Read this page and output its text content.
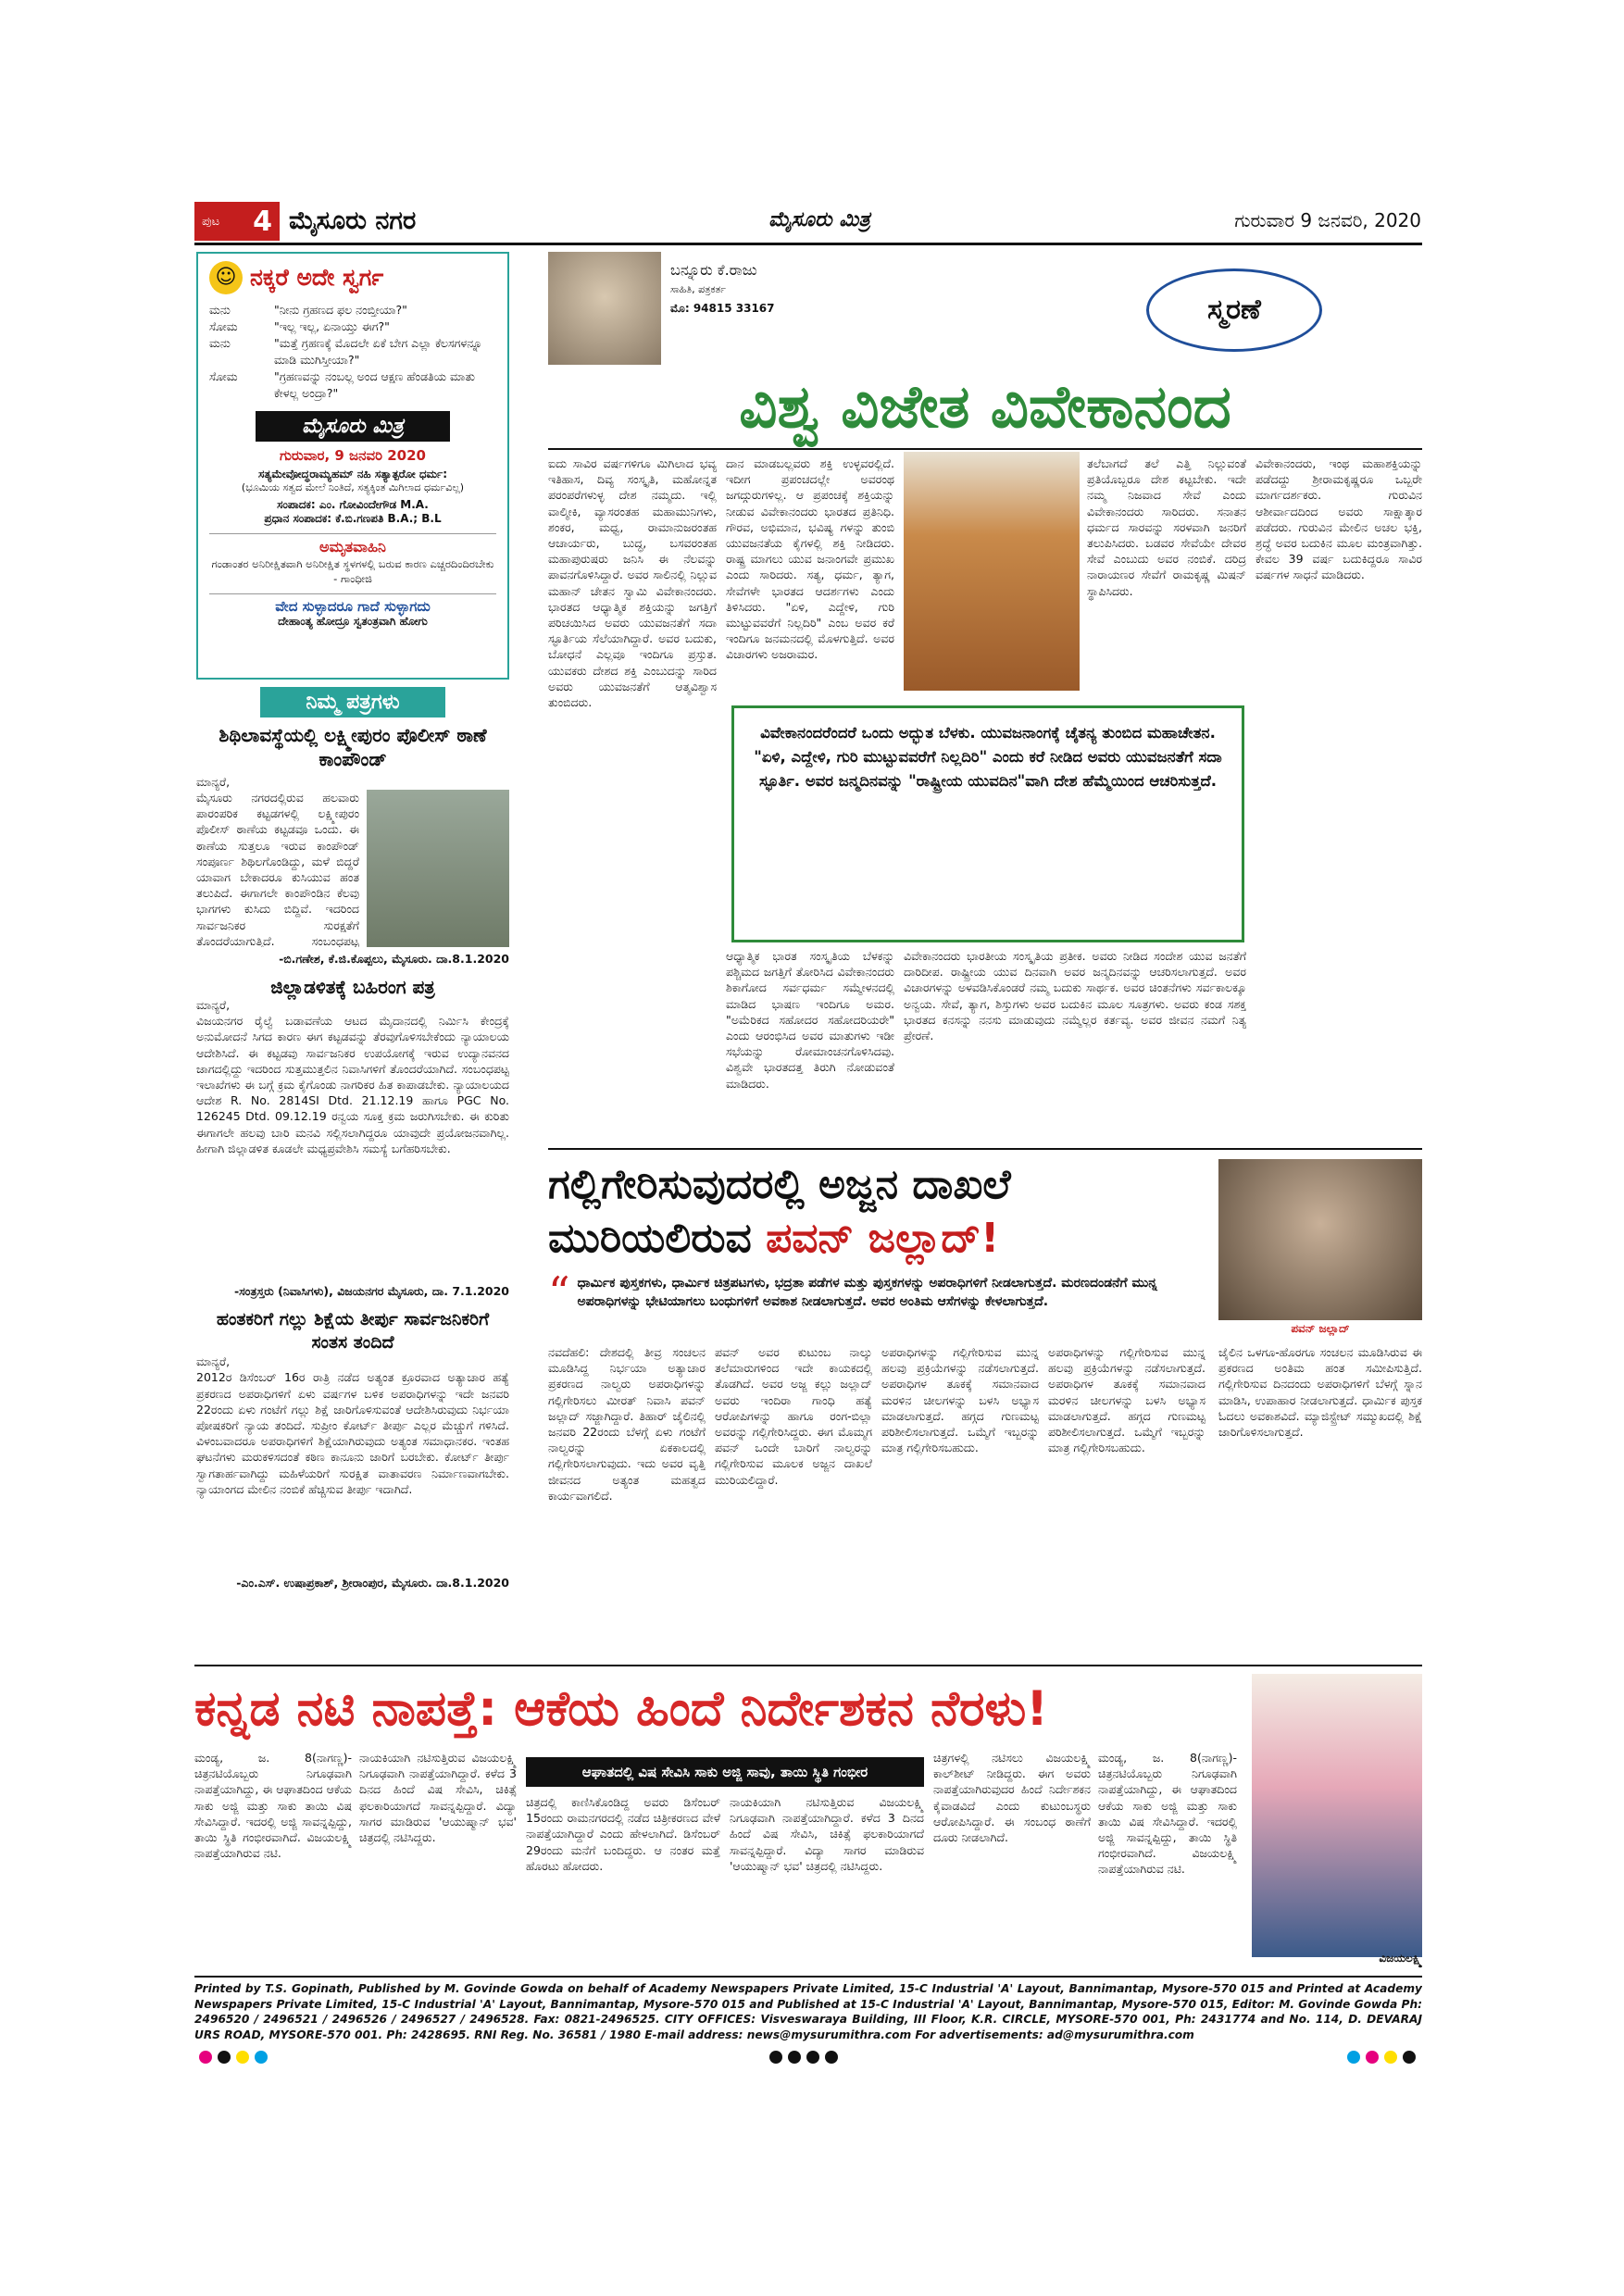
ಪುಟ 4 ಮೈಸೂರು ನಗರ	ಮೈಸೂರು ಮಿತ್ರ	ಗುರುವಾರ 9 ಜನವರಿ, 2020
☺ ನಕ್ಕರೆ ಅದೇ ಸ್ವರ್ಗ
ಮನು	"ನೀನು ಗ್ರಹಣದ ಫಲ ನಂಬ್ತೀಯಾ?"
ಸೋಮ	"ಇಲ್ಲ ಇಲ್ಲ, ಏನಾಯ್ತು ಈಗ?"
ಮನು	"ಮತ್ತೆ ಗ್ರಹಣಕ್ಕೆ ಮೊದಲೇ ಏಕೆ ಬೇಗ ಎಲ್ಲಾ ಕೆಲಸಗಳನ್ನೂ ಮಾಡಿ ಮುಗಿಸ್ತೀಯಾ?"
ಸೋಮ	"ಗ್ರಹಣವನ್ನು ನಂಬಲ್ಲ ಅಂದ ಆಕ್ಷಣ ಹೆಂಡತಿಯ ಮಾತು ಕೇಳಲ್ಲ ಅಂದ್ರಾ?"
ಮೈಸೂರು ಮಿತ್ರ
ಗುರುವಾರ, 9 ಜನವರಿ 2020
ಸತ್ಯಮೇವೋದ್ಧರಾಮ್ಯಹಮ್ ನಹಿ ಸತ್ಯಾತ್ಪರೋ ಧರ್ಮ:
(ಭೂಮಿಯ ಸತ್ವದ ಮೇಲೆ ನಿಂತಿದೆ, ಸತ್ಯಕ್ಕಿಂತ ಮಿಗಿಲಾದ ಧರ್ಮವಿಲ್ಲ)
ಸಂಪಾದಕ: ಎಂ. ಗೋವಿಂದೇಗೌಡ M.A.
ಪ್ರಧಾನ ಸಂಪಾದಕ: ಕೆ.ಬಿ.ಗಣಪತಿ B.A.; B.L
ಅಮೃತವಾಹಿನಿ
ಗಂಡಾಂತರ ಅನಿರೀಕ್ಷಿತವಾಗಿ ಅನಿರೀಕ್ಷಿತ ಸ್ಥಳಗಳಲ್ಲಿ ಬರುವ ಕಾರಣ ಎಚ್ಚರದಿಂದಿರಬೇಕು - ಗಾಂಧೀಜಿ
ವೇದ ಸುಳ್ಳಾದರೂ ಗಾದೆ ಸುಳ್ಳಾಗದು
ದೇಹಾಂತ್ಯ ಹೋದ್ರೂ ಸ್ವತಂತ್ರವಾಗಿ ಹೋಗು
ನಿಮ್ಮ ಪತ್ರಗಳು
ಶಿಥಿಲಾವಸ್ಥೆಯಲ್ಲಿ ಲಕ್ಷ್ಮೀಪುರಂ ಪೊಲೀಸ್ ಠಾಣೆ ಕಾಂಪೌಂಡ್
ಮಾನ್ಯರೆ,
ಮೈಸೂರು ನಗರದಲ್ಲಿರುವ ಹಲವಾರು ಪಾರಂಪರಿಕ ಕಟ್ಟಡಗಳಲ್ಲಿ ಲಕ್ಷ್ಮೀಪುರಂ ಪೊಲೀಸ್ ಠಾಣೆಯ ಕಟ್ಟಡವೂ ಒಂದು. ಈ ಠಾಣೆಯ ಸುತ್ತಲೂ ಇರುವ ಕಾಂಪೌಂಡ್ ಸಂಪೂರ್ಣ ಶಿಥಿಲಗೊಂಡಿದ್ದು, ಮಳೆ ಬಿದ್ದರೆ ಯಾವಾಗ ಬೇಕಾದರೂ ಕುಸಿಯುವ ಹಂತ ತಲುಪಿದೆ. ಈಗಾಗಲೇ ಕಾಂಪೌಂಡಿನ ಕೆಲವು ಭಾಗಗಳು ಕುಸಿದು ಬಿದ್ದಿವೆ. ಇದರಿಂದ ಸಾರ್ವಜನಿಕರ ಸುರಕ್ಷತೆಗೆ ತೊಂದರೆಯಾಗುತ್ತಿದೆ. ಸಂಬಂಧಪಟ್ಟ
-ಬಿ.ಗಣೇಶ, ಕೆ.ಜಿ.ಕೊಪ್ಪಲು, ಮೈಸೂರು. ದಾ.8.1.2020
ಜಿಲ್ಲಾಡಳಿತಕ್ಕೆ ಬಹಿರಂಗ ಪತ್ರ
ಮಾನ್ಯರೆ,
ವಿಜಯನಗರ ರೈಲ್ವೆ ಬಡಾವಣೆಯ ಆಟದ ಮೈದಾನದಲ್ಲಿ ನಿರ್ಮಿಸಿ ಕೇಂದ್ರಕ್ಕೆ ಅನುಮೋದನೆ ಸಿಗದ ಕಾರಣ ಈಗ ಕಟ್ಟಡವನ್ನು ತೆರವುಗೊಳಿಸಬೇಕೆಂದು ನ್ಯಾಯಾಲಯ ಆದೇಶಿಸಿದೆ. ಈ ಕಟ್ಟಡವು ಸಾರ್ವಜನಿಕರ ಉಪಯೋಗಕ್ಕೆ ಇರುವ ಉದ್ಯಾನವನದ ಜಾಗದಲ್ಲಿದ್ದು ಇದರಿಂದ ಸುತ್ತಮುತ್ತಲಿನ ನಿವಾಸಿಗಳಿಗೆ ತೊಂದರೆಯಾಗಿದೆ. ಸಂಬಂಧಪಟ್ಟ ಇಲಾಖೆಗಳು ಈ ಬಗ್ಗೆ ಕ್ರಮ ಕೈಗೊಂಡು ನಾಗರಿಕರ ಹಿತ ಕಾಪಾಡಬೇಕು. ನ್ಯಾಯಾಲಯದ ಆದೇಶ R. No. 2814SI Dtd. 21.12.19 ಹಾಗೂ PGC No. 126245 Dtd. 09.12.19 ರನ್ವಯ ಸೂಕ್ತ ಕ್ರಮ ಜರುಗಿಸಬೇಕು. ಈ ಕುರಿತು ಈಗಾಗಲೇ ಹಲವು ಬಾರಿ ಮನವಿ ಸಲ್ಲಿಸಲಾಗಿದ್ದರೂ ಯಾವುದೇ ಪ್ರಯೋಜನವಾಗಿಲ್ಲ. ಹೀಗಾಗಿ ಜಿಲ್ಲಾಡಳಿತ ಕೂಡಲೇ ಮಧ್ಯಪ್ರವೇಶಿಸಿ ಸಮಸ್ಯೆ ಬಗೆಹರಿಸಬೇಕು.
-ಸಂತ್ರಸ್ತರು (ನಿವಾಸಿಗಳು), ವಿಜಯನಗರ ಮೈಸೂರು, ದಾ. 7.1.2020
ಹಂತಕರಿಗೆ ಗಲ್ಲು ಶಿಕ್ಷೆಯ ತೀರ್ಪು ಸಾರ್ವಜನಿಕರಿಗೆ ಸಂತಸ ತಂದಿದೆ
ಮಾನ್ಯರೆ,
2012ರ ಡಿಸೆಂಬರ್ 16ರ ರಾತ್ರಿ ನಡೆದ ಅತ್ಯಂತ ಕ್ರೂರವಾದ ಅತ್ಯಾಚಾರ ಹತ್ಯೆ ಪ್ರಕರಣದ ಅಪರಾಧಿಗಳಿಗೆ ಏಳು ವರ್ಷಗಳ ಬಳಿಕ ಅಪರಾಧಿಗಳನ್ನು ಇದೇ ಜನವರಿ 22ರಂದು ಏಳು ಗಂಟೆಗೆ ಗಲ್ಲು ಶಿಕ್ಷೆ ಜಾರಿಗೊಳಿಸುವಂತೆ ಆದೇಶಿಸಿರುವುದು ನಿರ್ಭಯಾ ಪೋಷಕರಿಗೆ ನ್ಯಾಯ ತಂದಿದೆ. ಸುಪ್ರೀಂ ಕೋರ್ಟ್ ತೀರ್ಪು ಎಲ್ಲರ ಮೆಚ್ಚುಗೆ ಗಳಿಸಿದೆ. ವಿಳಂಬವಾದರೂ ಅಪರಾಧಿಗಳಿಗೆ ಶಿಕ್ಷೆಯಾಗಿರುವುದು ಅತ್ಯಂತ ಸಮಾಧಾನಕರ. ಇಂತಹ ಘಟನೆಗಳು ಮರುಕಳಿಸದಂತೆ ಕಠಿಣ ಕಾನೂನು ಜಾರಿಗೆ ಬರಬೇಕು. ಕೋರ್ಟ್ ತೀರ್ಪು ಸ್ವಾಗತಾರ್ಹವಾಗಿದ್ದು ಮಹಿಳೆಯರಿಗೆ ಸುರಕ್ಷಿತ ವಾತಾವರಣ ನಿರ್ಮಾಣವಾಗಬೇಕು. ನ್ಯಾಯಾಂಗದ ಮೇಲಿನ ನಂಬಿಕೆ ಹೆಚ್ಚಿಸುವ ತೀರ್ಪು ಇದಾಗಿದೆ.
-ಎಂ.ಎಸ್. ಉಷಾಪ್ರಕಾಶ್, ಶ್ರೀರಾಂಪುರ, ಮೈಸೂರು. ದಾ.8.1.2020
ಬನ್ನೂರು ಕೆ.ರಾಜು
ಸಾಹಿತಿ, ಪತ್ರಕರ್ತ
ಮೊ: 94815 33167	ಸ್ಮರಣೆ
ವಿಶ್ವ ವಿಜೇತ ವಿವೇಕಾನಂದ
ಐದು ಸಾವಿರ ವರ್ಷಗಳಿಗೂ ಮಿಗಿಲಾದ ಭವ್ಯ ಇತಿಹಾಸ, ದಿವ್ಯ ಸಂಸ್ಕೃತಿ, ಮಹೋನ್ನತ ಪರಂಪರೆಗಳುಳ್ಳ ದೇಶ ನಮ್ಮದು. ಇಲ್ಲಿ ವಾಲ್ಮೀಕಿ, ವ್ಯಾಸರಂತಹ ಮಹಾಮುನಿಗಳು, ಶಂಕರ, ಮಧ್ವ, ರಾಮಾನುಜರಂತಹ ಆಚಾರ್ಯರು, ಬುದ್ಧ, ಬಸವರಂತಹ ಮಹಾಪುರುಷರು ಜನಿಸಿ ಈ ನೆಲವನ್ನು ಪಾವನಗೊಳಿಸಿದ್ದಾರೆ. ಅವರ ಸಾಲಿನಲ್ಲಿ ನಿಲ್ಲುವ ಮಹಾನ್ ಚೇತನ ಸ್ವಾಮಿ ವಿವೇಕಾನಂದರು. ಭಾರತದ ಆಧ್ಯಾತ್ಮಿಕ ಶಕ್ತಿಯನ್ನು ಜಗತ್ತಿಗೆ ಪರಿಚಯಿಸಿದ ಅವರು ಯುವಜನತೆಗೆ ಸದಾ ಸ್ಫೂರ್ತಿಯ ಸೆಲೆಯಾಗಿದ್ದಾರೆ. ಅವರ ಬದುಕು, ಬೋಧನೆ ಎಲ್ಲವೂ ಇಂದಿಗೂ ಪ್ರಸ್ತುತ. ಯುವಕರು ದೇಶದ ಶಕ್ತಿ ಎಂಬುದನ್ನು ಸಾರಿದ ಅವರು ಯುವಜನತೆಗೆ ಆತ್ಮವಿಶ್ವಾಸ ತುಂಬಿದರು.
ದಾನ ಮಾಡಬಲ್ಲವರು ಶಕ್ತಿ ಉಳ್ಳವರಲ್ಲಿದೆ. ಇದೀಗ ಪ್ರಪಂಚದಲ್ಲೇ ಅವರಂಥ ಜಗದ್ಗುರುಗಳಿಲ್ಲ. ಆ ಪ್ರಪಂಚಕ್ಕೆ ಶಕ್ತಿಯನ್ನು ನೀಡುವ ವಿವೇಕಾನಂದರು ಭಾರತದ ಪ್ರತಿನಿಧಿ. ಗೌರವ, ಅಭಿಮಾನ, ಭವಿಷ್ಯ ಗಳನ್ನು ತುಂಬಿ ಯುವಜನತೆಯ ಕೈಗಳಲ್ಲಿ ಶಕ್ತಿ ನೀಡಿದರು. ರಾಷ್ಟ್ರ ಮಾಗಲು ಯುವ ಜನಾಂಗವೇ ಪ್ರಮುಖ ಎಂದು ಸಾರಿದರು. ಸತ್ಯ, ಧರ್ಮ, ತ್ಯಾಗ, ಸೇವೆಗಳೇ ಭಾರತದ ಆದರ್ಶಗಳು ಎಂದು ತಿಳಿಸಿದರು. "ಏಳಿ, ಎದ್ದೇಳಿ, ಗುರಿ ಮುಟ್ಟುವವರೆಗೆ ನಿಲ್ಲದಿರಿ" ಎಂಬ ಅವರ ಕರೆ ಇಂದಿಗೂ ಜನಮನದಲ್ಲಿ ಮೊಳಗುತ್ತಿದೆ. ಅವರ ವಿಚಾರಗಳು ಅಜರಾಮರ.
ತಲೆಬಾಗದೆ ತಲೆ ಎತ್ತಿ ನಿಲ್ಲುವಂತೆ ಪ್ರತಿಯೊಬ್ಬರೂ ದೇಶ ಕಟ್ಟಬೇಕು. ಇದೇ ನಮ್ಮ ನಿಜವಾದ ಸೇವೆ ಎಂದು ವಿವೇಕಾನಂದರು ಸಾರಿದರು. ಸನಾತನ ಧರ್ಮದ ಸಾರವನ್ನು ಸರಳವಾಗಿ ಜನರಿಗೆ ತಲುಪಿಸಿದರು. ಬಡವರ ಸೇವೆಯೇ ದೇವರ ಸೇವೆ ಎಂಬುದು ಅವರ ನಂಬಿಕೆ. ದರಿದ್ರ ನಾರಾಯಣರ ಸೇವೆಗೆ ರಾಮಕೃಷ್ಣ ಮಿಷನ್ ಸ್ಥಾಪಿಸಿದರು.
ವಿವೇಕಾನಂದರು, ಇಂಥ ಮಹಾಶಕ್ತಿಯನ್ನು ಪಡೆದದ್ದು ಶ್ರೀರಾಮಕೃಷ್ಣರೂ ಒಬ್ಬರೇ ಮಾರ್ಗದರ್ಶಕರು. ಗುರುವಿನ ಆಶೀರ್ವಾದದಿಂದ ಅವರು ಸಾಕ್ಷಾತ್ಕಾರ ಪಡೆದರು. ಗುರುವಿನ ಮೇಲಿನ ಅಚಲ ಭಕ್ತಿ, ಶ್ರದ್ಧೆ ಅವರ ಬದುಕಿನ ಮೂಲ ಮಂತ್ರವಾಗಿತ್ತು. ಕೇವಲ 39 ವರ್ಷ ಬದುಕಿದ್ದರೂ ಸಾವಿರ ವರ್ಷಗಳ ಸಾಧನೆ ಮಾಡಿದರು.
ವಿವೇಕಾನಂದರೆಂದರೆ ಒಂದು ಅದ್ಭುತ ಬೆಳಕು. ಯುವಜನಾಂಗಕ್ಕೆ ಚೈತನ್ಯ ತುಂಬಿದ ಮಹಾಚೇತನ. "ಏಳಿ, ಎದ್ದೇಳಿ, ಗುರಿ ಮುಟ್ಟುವವರೆಗೆ ನಿಲ್ಲದಿರಿ" ಎಂದು ಕರೆ ನೀಡಿದ ಅವರು ಯುವಜನತೆಗೆ ಸದಾ ಸ್ಫೂರ್ತಿ. ಅವರ ಜನ್ಮದಿನವನ್ನು "ರಾಷ್ಟ್ರೀಯ ಯುವದಿನ"ವಾಗಿ ದೇಶ ಹೆಮ್ಮೆಯಿಂದ ಆಚರಿಸುತ್ತದೆ.
ಆಧ್ಯಾತ್ಮಿಕ ಭಾರತ ಸಂಸ್ಕೃತಿಯ ಬೆಳಕನ್ನು ಪಶ್ಚಿಮದ ಜಗತ್ತಿಗೆ ತೋರಿಸಿದ ವಿವೇಕಾನಂದರು ಶಿಕಾಗೋದ ಸರ್ವಧರ್ಮ ಸಮ್ಮೇಳನದಲ್ಲಿ ಮಾಡಿದ ಭಾಷಣ ಇಂದಿಗೂ ಅಮರ. "ಅಮೆರಿಕದ ಸಹೋದರ ಸಹೋದರಿಯರೇ" ಎಂದು ಆರಂಭಿಸಿದ ಅವರ ಮಾತುಗಳು ಇಡೀ ಸಭೆಯನ್ನು ರೋಮಾಂಚನಗೊಳಿಸಿದವು. ವಿಶ್ವವೇ ಭಾರತದತ್ತ ತಿರುಗಿ ನೋಡುವಂತೆ ಮಾಡಿದರು.
ವಿವೇಕಾನಂದರು ಭಾರತೀಯ ಸಂಸ್ಕೃತಿಯ ಪ್ರತೀಕ. ಅವರು ನೀಡಿದ ಸಂದೇಶ ಯುವ ಜನತೆಗೆ ದಾರಿದೀಪ. ರಾಷ್ಟ್ರೀಯ ಯುವ ದಿನವಾಗಿ ಅವರ ಜನ್ಮದಿನವನ್ನು ಆಚರಿಸಲಾಗುತ್ತದೆ. ಅವರ ವಿಚಾರಗಳನ್ನು ಅಳವಡಿಸಿಕೊಂಡರೆ ನಮ್ಮ ಬದುಕು ಸಾರ್ಥಕ. ಅವರ ಚಿಂತನೆಗಳು ಸರ್ವಕಾಲಕ್ಕೂ ಅನ್ವಯ. ಸೇವೆ, ತ್ಯಾಗ, ಶಿಸ್ತುಗಳು ಅವರ ಬದುಕಿನ ಮೂಲ ಸೂತ್ರಗಳು. ಅವರು ಕಂಡ ಸಶಕ್ತ ಭಾರತದ ಕನಸನ್ನು ನನಸು ಮಾಡುವುದು ನಮ್ಮೆಲ್ಲರ ಕರ್ತವ್ಯ. ಅವರ ಜೀವನ ನಮಗೆ ನಿತ್ಯ ಪ್ರೇರಣೆ.
ಗಲ್ಲಿಗೇರಿಸುವುದರಲ್ಲಿ ಅಜ್ಜನ ದಾಖಲೆ
ಮುರಿಯಲಿರುವ ಪವನ್ ಜಲ್ಲಾದ್!
ಪವನ್ ಜಲ್ಲಾದ್
“ ಧಾರ್ಮಿಕ ಪುಸ್ತಕಗಳು, ಧಾರ್ಮಿಕ ಚಿತ್ರಪಟಗಳು, ಭದ್ರತಾ ಪಡೆಗಳ ಮತ್ತು ಪುಸ್ತಕಗಳನ್ನು ಅಪರಾಧಿಗಳಿಗೆ ನೀಡಲಾಗುತ್ತದೆ. ಮರಣದಂಡನೆಗೆ ಮುನ್ನ ಅಪರಾಧಿಗಳನ್ನು ಭೇಟಿಯಾಗಲು ಬಂಧುಗಳಿಗೆ ಅವಕಾಶ ನೀಡಲಾಗುತ್ತದೆ. ಅವರ ಅಂತಿಮ ಆಸೆಗಳನ್ನು ಕೇಳಲಾಗುತ್ತದೆ.
ನವದೆಹಲಿ: ದೇಶದಲ್ಲಿ ತೀವ್ರ ಸಂಚಲನ ಮೂಡಿಸಿದ್ದ ನಿರ್ಭಯಾ ಅತ್ಯಾಚಾರ ಪ್ರಕರಣದ ನಾಲ್ವರು ಅಪರಾಧಿಗಳನ್ನು ಗಲ್ಲಿಗೇರಿಸಲು ಮೀರತ್ ನಿವಾಸಿ ಪವನ್ ಜಲ್ಲಾದ್ ಸಜ್ಜಾಗಿದ್ದಾರೆ. ತಿಹಾರ್ ಜೈಲಿನಲ್ಲಿ ಜನವರಿ 22ರಂದು ಬೆಳಗ್ಗೆ ಏಳು ಗಂಟೆಗೆ ನಾಲ್ವರನ್ನು ಏಕಕಾಲದಲ್ಲಿ ಗಲ್ಲಿಗೇರಿಸಲಾಗುವುದು. ಇದು ಅವರ ವೃತ್ತಿ ಜೀವನದ ಅತ್ಯಂತ ಮಹತ್ವದ ಕಾರ್ಯವಾಗಲಿದೆ.
ಪವನ್ ಅವರ ಕುಟುಂಬ ನಾಲ್ಕು ತಲೆಮಾರುಗಳಿಂದ ಇದೇ ಕಾಯಕದಲ್ಲಿ ತೊಡಗಿದೆ. ಅವರ ಅಜ್ಜ ಕಲ್ಲು ಜಲ್ಲಾದ್ ಅವರು ಇಂದಿರಾ ಗಾಂಧಿ ಹತ್ಯೆ ಆರೋಪಿಗಳನ್ನು ಹಾಗೂ ರಂಗ-ಬಿಲ್ಲಾ ಅವರನ್ನು ಗಲ್ಲಿಗೇರಿಸಿದ್ದರು. ಈಗ ಮೊಮ್ಮಗ ಪವನ್ ಒಂದೇ ಬಾರಿಗೆ ನಾಲ್ವರನ್ನು ಗಲ್ಲಿಗೇರಿಸುವ ಮೂಲಕ ಅಜ್ಜನ ದಾಖಲೆ ಮುರಿಯಲಿದ್ದಾರೆ.
ಅಪರಾಧಿಗಳನ್ನು ಗಲ್ಲಿಗೇರಿಸುವ ಮುನ್ನ ಹಲವು ಪ್ರಕ್ರಿಯೆಗಳನ್ನು ನಡೆಸಲಾಗುತ್ತದೆ. ಅಪರಾಧಿಗಳ ತೂಕಕ್ಕೆ ಸಮಾನವಾದ ಮರಳಿನ ಚೀಲಗಳನ್ನು ಬಳಸಿ ಅಭ್ಯಾಸ ಮಾಡಲಾಗುತ್ತದೆ. ಹಗ್ಗದ ಗುಣಮಟ್ಟ ಪರಿಶೀಲಿಸಲಾಗುತ್ತದೆ. ಒಮ್ಮೆಗೆ ಇಬ್ಬರನ್ನು ಮಾತ್ರ ಗಲ್ಲಿಗೇರಿಸಬಹುದು.
ಅಪರಾಧಿಗಳನ್ನು ಗಲ್ಲಿಗೇರಿಸುವ ಮುನ್ನ ಹಲವು ಪ್ರಕ್ರಿಯೆಗಳನ್ನು ನಡೆಸಲಾಗುತ್ತದೆ. ಅಪರಾಧಿಗಳ ತೂಕಕ್ಕೆ ಸಮಾನವಾದ ಮರಳಿನ ಚೀಲಗಳನ್ನು ಬಳಸಿ ಅಭ್ಯಾಸ ಮಾಡಲಾಗುತ್ತದೆ. ಹಗ್ಗದ ಗುಣಮಟ್ಟ ಪರಿಶೀಲಿಸಲಾಗುತ್ತದೆ. ಒಮ್ಮೆಗೆ ಇಬ್ಬರನ್ನು ಮಾತ್ರ ಗಲ್ಲಿಗೇರಿಸಬಹುದು.
ಜೈಲಿನ ಒಳಗೂ-ಹೊರಗೂ ಸಂಚಲನ ಮೂಡಿಸಿರುವ ಈ ಪ್ರಕರಣದ ಅಂತಿಮ ಹಂತ ಸಮೀಪಿಸುತ್ತಿದೆ. ಗಲ್ಲಿಗೇರಿಸುವ ದಿನದಂದು ಅಪರಾಧಿಗಳಿಗೆ ಬೆಳಗ್ಗೆ ಸ್ನಾನ ಮಾಡಿಸಿ, ಉಪಾಹಾರ ನೀಡಲಾಗುತ್ತದೆ. ಧಾರ್ಮಿಕ ಪುಸ್ತಕ ಓದಲು ಅವಕಾಶವಿದೆ. ಮ್ಯಾಜಿಸ್ಟ್ರೇಟ್ ಸಮ್ಮುಖದಲ್ಲಿ ಶಿಕ್ಷೆ ಜಾರಿಗೊಳಿಸಲಾಗುತ್ತದೆ.
ಕನ್ನಡ ನಟಿ ನಾಪತ್ತೆ: ಆಕೆಯ ಹಿಂದೆ ನಿರ್ದೇಶಕನ ನೆರಳು!
ಆಘಾತದಲ್ಲಿ ವಿಷ ಸೇವಿಸಿ ಸಾಕು ಅಜ್ಜಿ ಸಾವು, ತಾಯಿ ಸ್ಥಿತಿ ಗಂಭೀರ
ಮಂಡ್ಯ, ಜ. 8(ನಾಗಣ್ಣ)- ಚಿತ್ರನಟಿಯೊಬ್ಬರು ನಿಗೂಢವಾಗಿ ನಾಪತ್ತೆಯಾಗಿದ್ದು, ಈ ಆಘಾತದಿಂದ ಆಕೆಯ ಸಾಕು ಅಜ್ಜಿ ಮತ್ತು ಸಾಕು ತಾಯಿ ವಿಷ ಸೇವಿಸಿದ್ದಾರೆ. ಇದರಲ್ಲಿ ಅಜ್ಜಿ ಸಾವನ್ನಪ್ಪಿದ್ದು, ತಾಯಿ ಸ್ಥಿತಿ ಗಂಭೀರವಾಗಿದೆ. ವಿಜಯಲಕ್ಷ್ಮಿ ನಾಪತ್ತೆಯಾಗಿರುವ ನಟಿ.
ನಾಯಕಿಯಾಗಿ ನಟಿಸುತ್ತಿರುವ ವಿಜಯಲಕ್ಷ್ಮಿ ನಿಗೂಢವಾಗಿ ನಾಪತ್ತೆಯಾಗಿದ್ದಾರೆ. ಕಳೆದ 3 ದಿನದ ಹಿಂದೆ ವಿಷ ಸೇವಿಸಿ, ಚಿಕಿತ್ಸೆ ಫಲಕಾರಿಯಾಗದೆ ಸಾವನ್ನಪ್ಪಿದ್ದಾರೆ. ವಿದ್ಯಾ ಸಾಗರ ಮಾಡಿರುವ 'ಆಯುಷ್ಮಾನ್ ಭವ' ಚಿತ್ರದಲ್ಲಿ ನಟಿಸಿದ್ದರು.
ಚಿತ್ರದಲ್ಲಿ ಕಾಣಿಸಿಕೊಂಡಿದ್ದ ಅವರು ಡಿಸೆಂಬರ್ 15ರಂದು ರಾಮನಗರದಲ್ಲಿ ನಡೆದ ಚಿತ್ರೀಕರಣದ ವೇಳೆ ನಾಪತ್ತೆಯಾಗಿದ್ದಾರೆ ಎಂದು ಹೇಳಲಾಗಿದೆ. ಡಿಸೆಂಬರ್ 29ರಂದು ಮನೆಗೆ ಬಂದಿದ್ದರು. ಆ ನಂತರ ಮತ್ತೆ ಹೊರಟು ಹೋದರು.
ನಾಯಕಿಯಾಗಿ ನಟಿಸುತ್ತಿರುವ ವಿಜಯಲಕ್ಷ್ಮಿ ನಿಗೂಢವಾಗಿ ನಾಪತ್ತೆಯಾಗಿದ್ದಾರೆ. ಕಳೆದ 3 ದಿನದ ಹಿಂದೆ ವಿಷ ಸೇವಿಸಿ, ಚಿಕಿತ್ಸೆ ಫಲಕಾರಿಯಾಗದೆ ಸಾವನ್ನಪ್ಪಿದ್ದಾರೆ. ವಿದ್ಯಾ ಸಾಗರ ಮಾಡಿರುವ 'ಆಯುಷ್ಮಾನ್ ಭವ' ಚಿತ್ರದಲ್ಲಿ ನಟಿಸಿದ್ದರು.
ಚಿತ್ರಗಳಲ್ಲಿ ನಟಿಸಲು ವಿಜಯಲಕ್ಷ್ಮಿ ಕಾಲ್‌ಶೀಟ್ ನೀಡಿದ್ದರು. ಈಗ ಅವರು ನಾಪತ್ತೆಯಾಗಿರುವುದರ ಹಿಂದೆ ನಿರ್ದೇಶಕನ ಕೈವಾಡವಿದೆ ಎಂದು ಕುಟುಂಬಸ್ಥರು ಆರೋಪಿಸಿದ್ದಾರೆ. ಈ ಸಂಬಂಧ ಠಾಣೆಗೆ ದೂರು ನೀಡಲಾಗಿದೆ.
ಮಂಡ್ಯ, ಜ. 8(ನಾಗಣ್ಣ)- ಚಿತ್ರನಟಿಯೊಬ್ಬರು ನಿಗೂಢವಾಗಿ ನಾಪತ್ತೆಯಾಗಿದ್ದು, ಈ ಆಘಾತದಿಂದ ಆಕೆಯ ಸಾಕು ಅಜ್ಜಿ ಮತ್ತು ಸಾಕು ತಾಯಿ ವಿಷ ಸೇವಿಸಿದ್ದಾರೆ. ಇದರಲ್ಲಿ ಅಜ್ಜಿ ಸಾವನ್ನಪ್ಪಿದ್ದು, ತಾಯಿ ಸ್ಥಿತಿ ಗಂಭೀರವಾಗಿದೆ. ವಿಜಯಲಕ್ಷ್ಮಿ ನಾಪತ್ತೆಯಾಗಿರುವ ನಟಿ.
ವಿಜಯಲಕ್ಷ್ಮಿ
Printed by T.S. Gopinath, Published by M. Govinde Gowda on behalf of Academy Newspapers Private Limited, 15-C Industrial 'A' Layout, Bannimantap, Mysore-570 015 and Printed at Academy Newspapers Private Limited, 15-C Industrial 'A' Layout, Bannimantap, Mysore-570 015 and Published at 15-C Industrial 'A' Layout, Bannimantap, Mysore-570 015, Editor: M. Govinde Gowda Ph: 2496520 / 2496521 / 2496526 / 2496527 / 2496528. Fax: 0821-2496525. CITY OFFICES: Visveswaraya Building, III Floor, K.R. CIRCLE, MYSORE-570 001, Ph: 2431774 and No. 114, D. DEVARAJ URS ROAD, MYSORE-570 001. Ph: 2428695. RNI Reg. No. 36581 / 1980 E-mail address: news@mysurumithra.com For advertisements: ad@mysurumithra.com
